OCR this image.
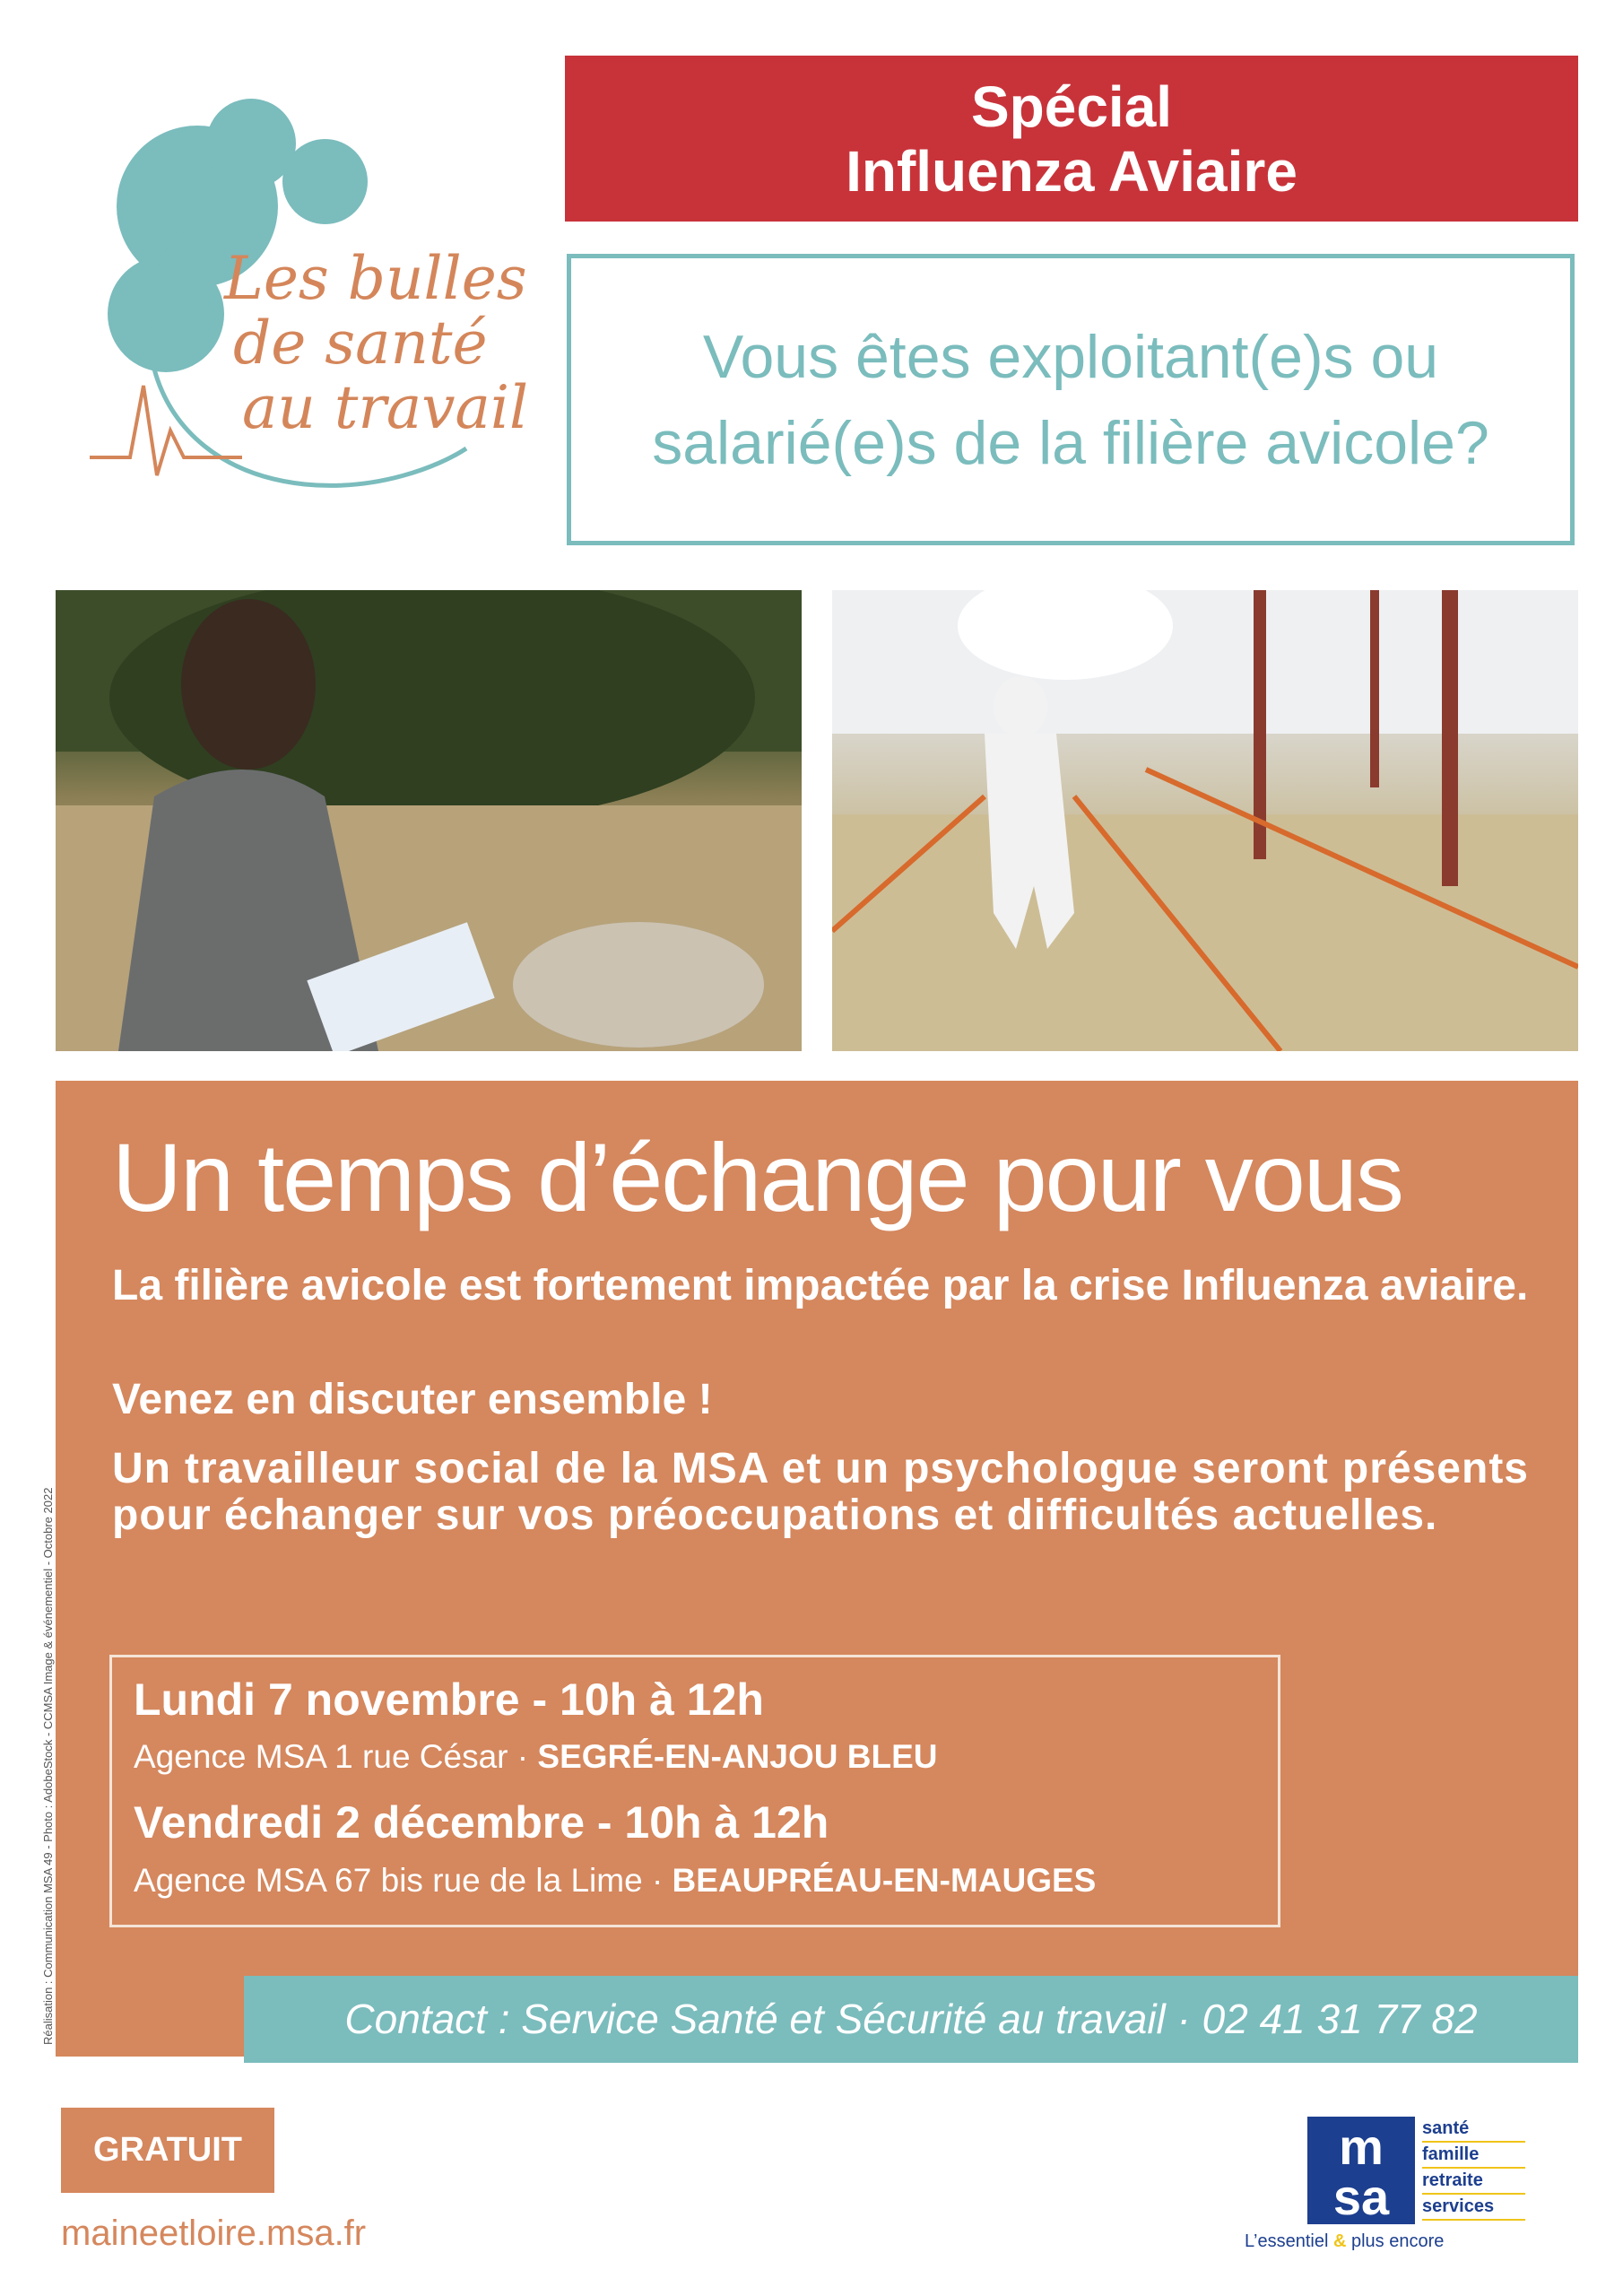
Les bulles
de santé
au travail
Spécial
Influenza Aviaire
Vous êtes exploitant(e)s ou
salarié(e)s de la filière avicole?
Un temps d’échange pour vous
La filière avicole est fortement impactée par la crise Influenza aviaire.
Venez en discuter ensemble !
Un travailleur social de la MSA et un psychologue seront présents pour échanger sur vos préoccupations et difficultés actuelles.
Lundi 7 novembre - 10h à 12h
Agence MSA 1 rue César · SEGRÉ-EN-ANJOU BLEU
Vendredi 2 décembre - 10h à 12h
Agence MSA 67 bis rue de la Lime · BEAUPRÉAU-EN-MAUGES
Contact : Service Santé et Sécurité au travail · 02 41 31 77 82
Réalisation : Communication MSA 49 - Photo : AdobeStock - CCMSA Image & événementiel - Octobre 2022
GRATUIT
maineetloire.msa.fr
m
sa
santé
famille
retraite
services
L’essentiel & plus encore
